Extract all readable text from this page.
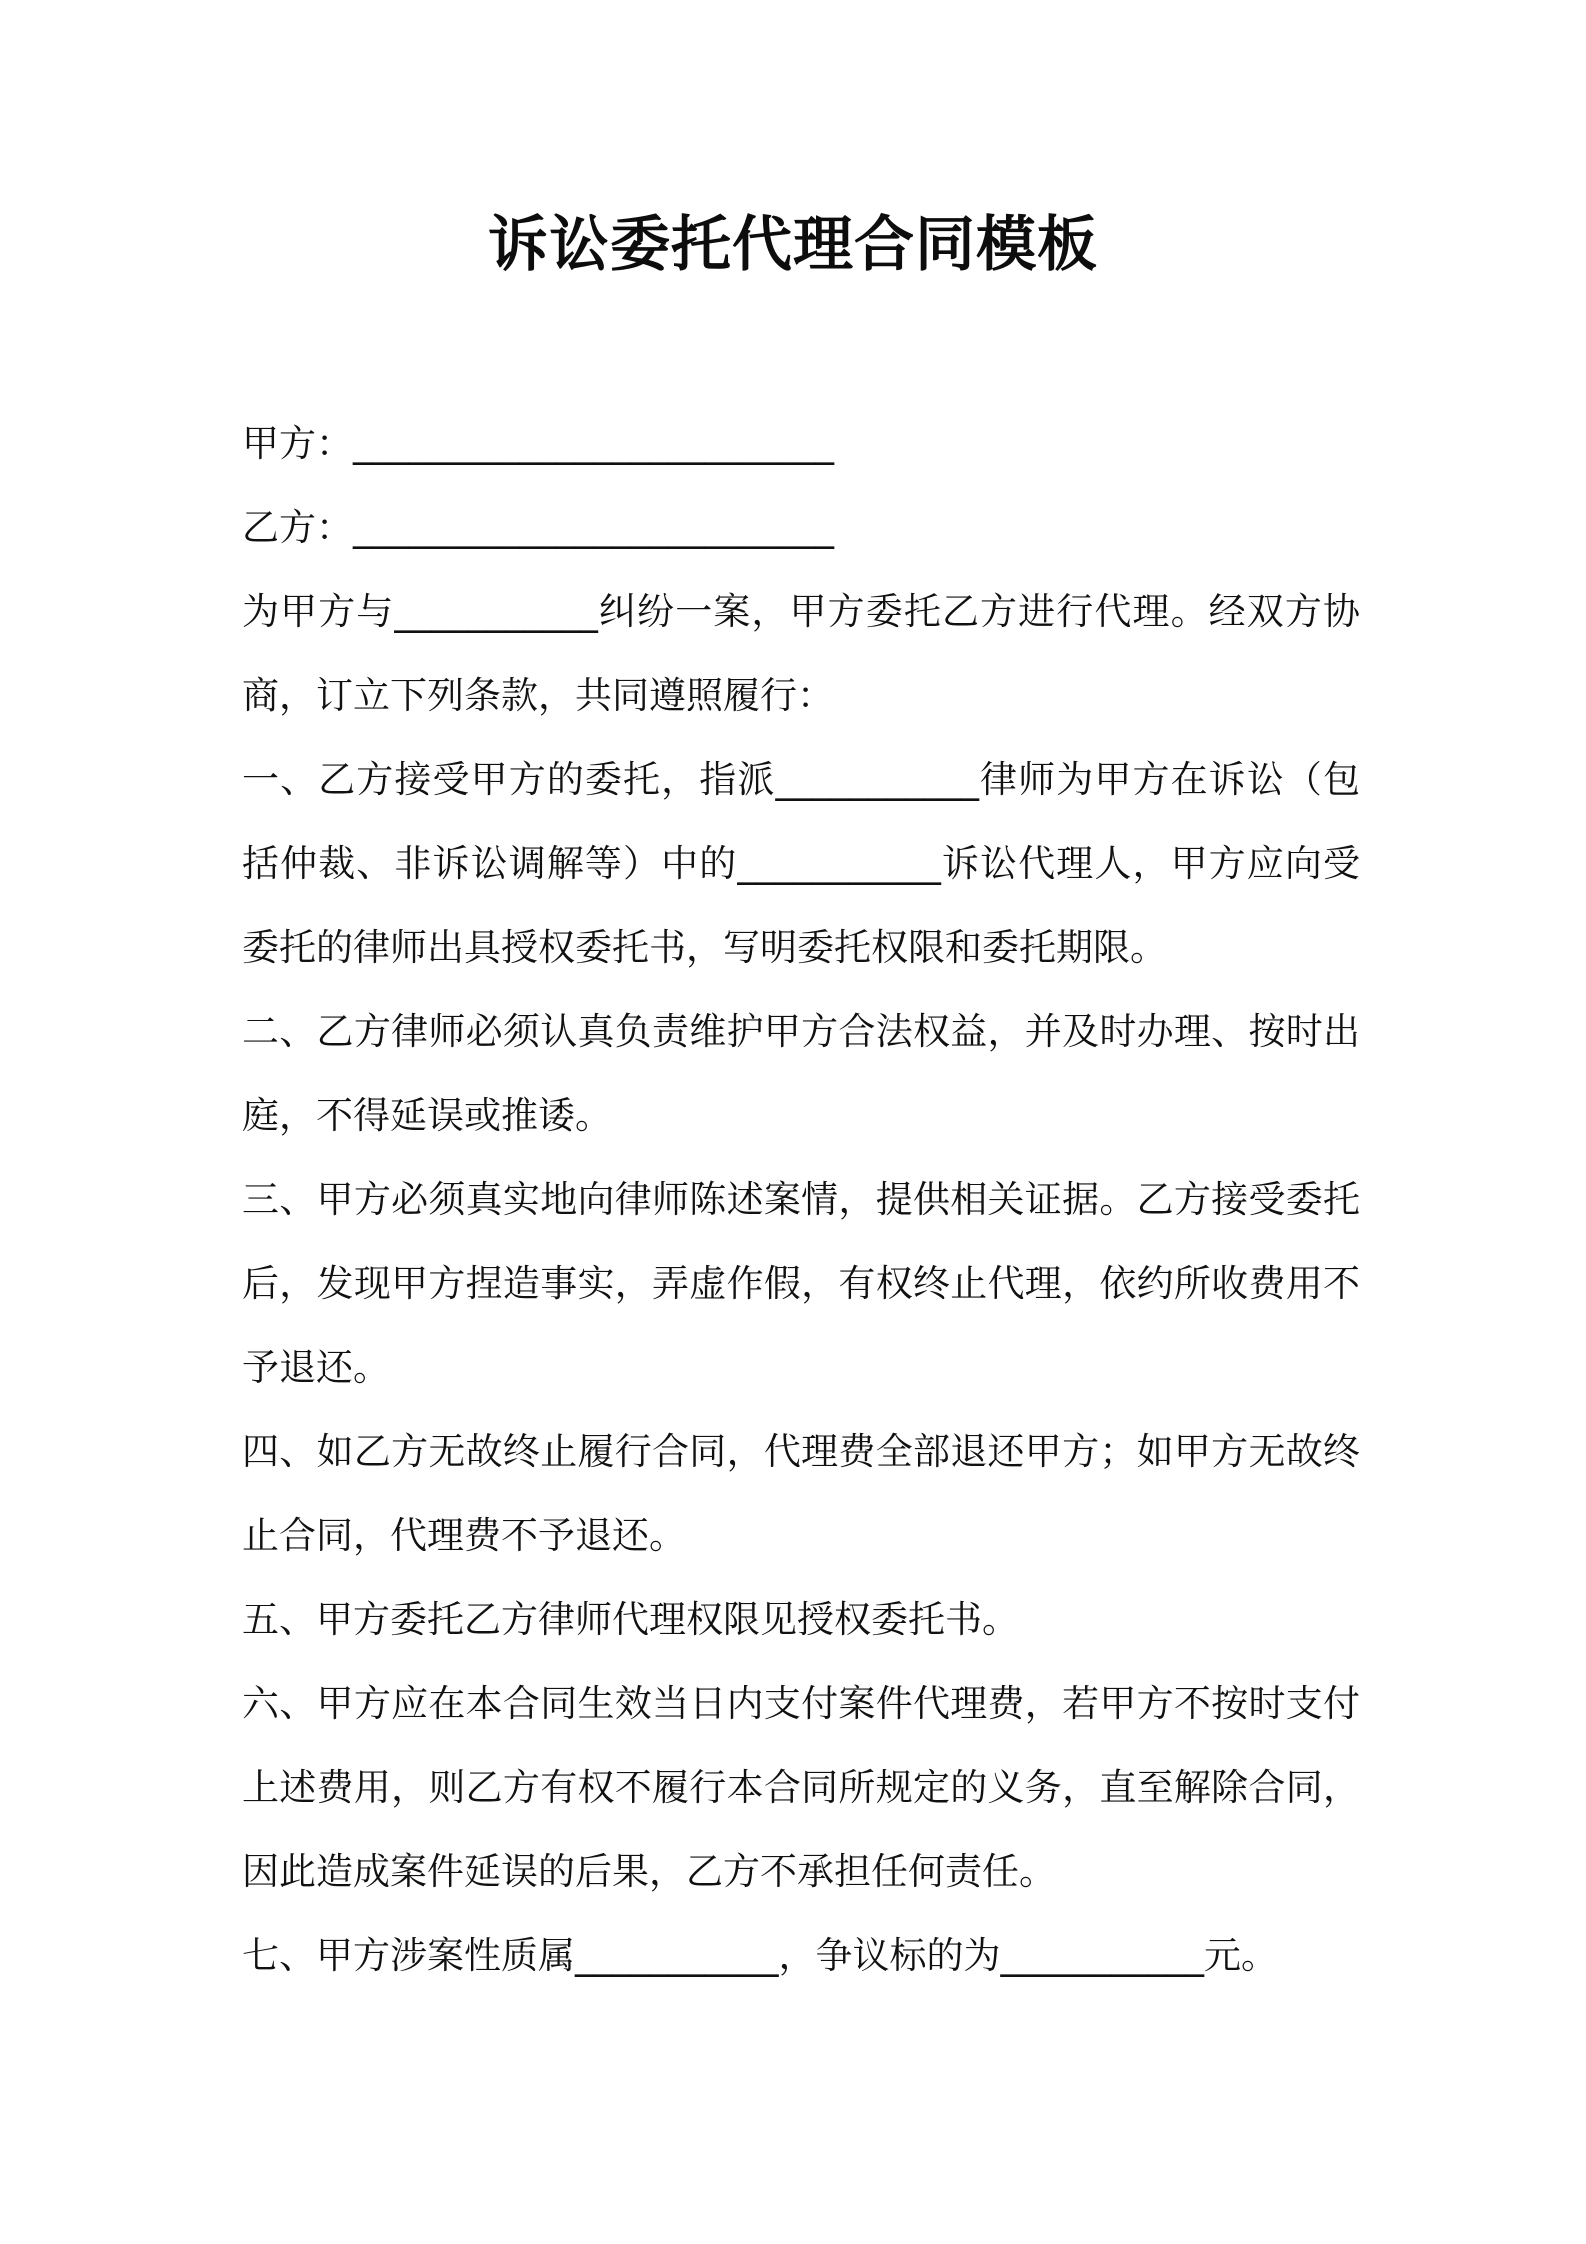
诉讼委托代理合同模板
甲方：__________________________
乙方：__________________________
为甲方与___________纠纷一案，甲方委托乙方进行代理。经双方协
商，订立下列条款，共同遵照履行：
一、乙方接受甲方的委托，指派___________律师为甲方在诉讼（包
括仲裁、非诉讼调解等）中的___________诉讼代理人，甲方应向受
委托的律师出具授权委托书，写明委托权限和委托期限。
二、乙方律师必须认真负责维护甲方合法权益，并及时办理、按时出
庭，不得延误或推诿。
三、甲方必须真实地向律师陈述案情，提供相关证据。乙方接受委托
后，发现甲方捏造事实，弄虚作假，有权终止代理，依约所收费用不
予退还。
四、如乙方无故终止履行合同，代理费全部退还甲方；如甲方无故终
止合同，代理费不予退还。
五、甲方委托乙方律师代理权限见授权委托书。
六、甲方应在本合同生效当日内支付案件代理费，若甲方不按时支付
上述费用，则乙方有权不履行本合同所规定的义务，直至解除合同，
因此造成案件延误的后果，乙方不承担任何责任。
七、甲方涉案性质属___________，争议标的为___________元。
